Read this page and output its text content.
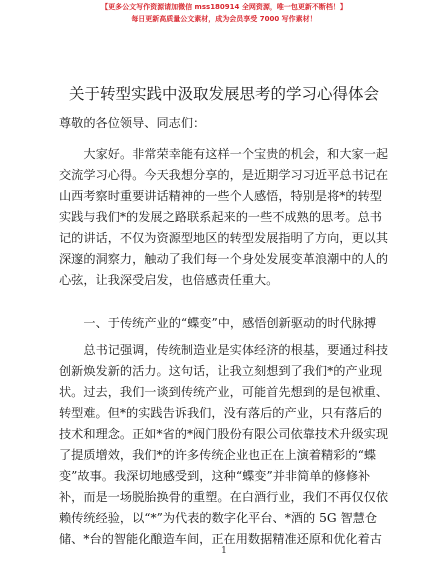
【更多公文写作资源请加微信 mss180914 全网资源，唯一包更新不断档！】
每日更新高质量公文素材，成为会员享受 7000 写作素材！
关于转型实践中汲取发展思考的学习心得体会
尊敬的各位领导、同志们：

大家好。非常荣幸能有这样一个宝贵的机会，和大家一起交流学习心得。今天我想分享的，是近期学习习近平总书记在山西考察时重要讲话精神的一些个人感悟，特别是将*的转型实践与我们*的发展之路联系起来的一些不成熟的思考。总书记的讲话，不仅为资源型地区的转型发展指明了方向，更以其深邃的洞察力，触动了我们每一个身处发展变革浪潮中的人的心弦，让我深受启发，也倍感责任重大。

一、于传统产业的“蝶变”中，感悟创新驱动的时代脉搏

总书记强调，传统制造业是实体经济的根基，要通过科技创新焕发新的活力。这句话，让我立刻想到了我们*的产业现状。过去，我们一谈到传统产业，可能首先想到的是包袱重、转型难。但*的实践告诉我们，没有落后的产业，只有落后的技术和理念。正如*省的*阀门股份有限公司依靠技术升级实现了提质增效，我们*的许多传统企业也正在上演着精彩的“蝶变”故事。我深切地感受到，这种“蝶变”并非简单的修修补补，而是一场脱胎换骨的重塑。在白酒行业，我们不再仅仅依赖传统经验，以“*”为代表的数字化平台、*酒的 5G 智慧仓储、*台的智能化酿造车间，正在用数据精准还原和优化着古

1
